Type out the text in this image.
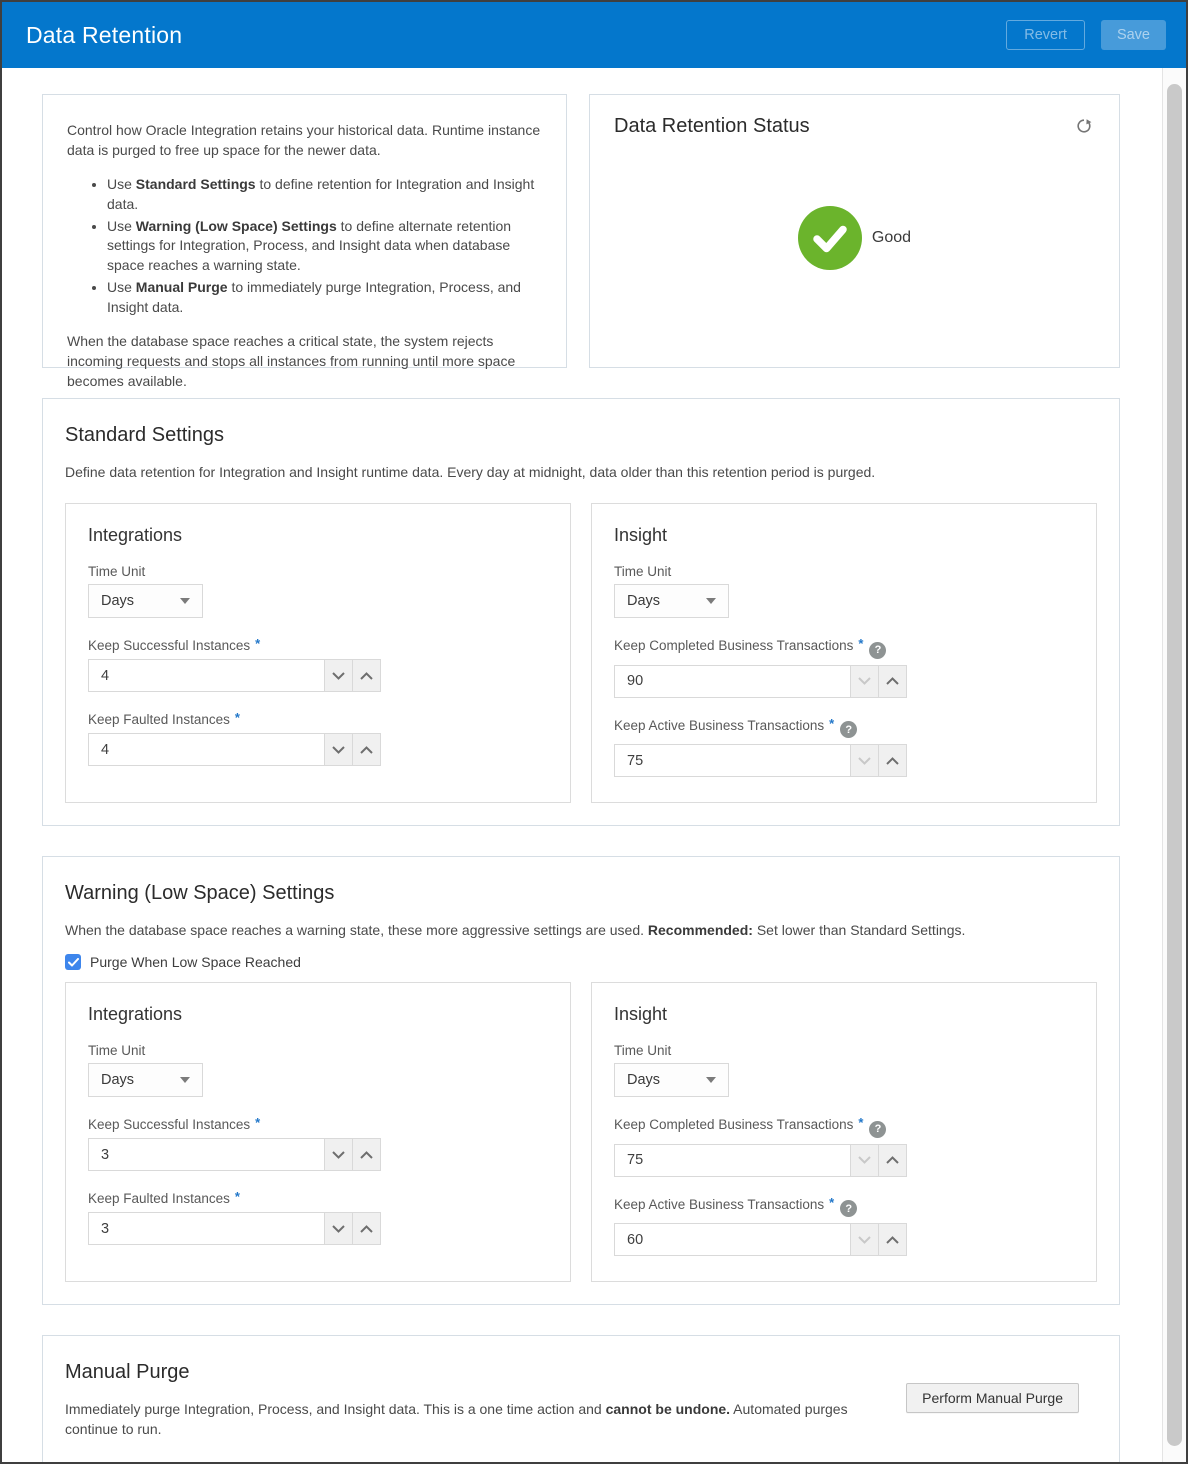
Data Retention	Revert	Save

Control how Oracle Integration retains your historical data. Runtime instance data is purged to free up space for the newer data.

• Use Standard Settings to define retention for Integration and Insight data.
• Use Warning (Low Space) Settings to define alternate retention settings for Integration, Process, and Insight data when database space reaches a warning state.
• Use Manual Purge to immediately purge Integration, Process, and Insight data.

When the database space reaches a critical state, the system rejects incoming requests and stops all instances from running until more space becomes available.

Data Retention Status
Good
Standard Settings
Define data retention for Integration and Insight runtime data. Every day at midnight, data older than this retention period is purged.
Integrations
Time Unit
Days
Keep Successful Instances *
4
Keep Faulted Instances *
4
Insight
Time Unit
Days
Keep Completed Business Transactions * ?
90
Keep Active Business Transactions * ?
75
Warning (Low Space) Settings
When the database space reaches a warning state, these more aggressive settings are used. Recommended: Set lower than Standard Settings.
Purge When Low Space Reached
Integrations
Time Unit
Days
Keep Successful Instances *
3
Keep Faulted Instances *
3
Insight
Time Unit
Days
Keep Completed Business Transactions * ?
75
Keep Active Business Transactions * ?
60
Manual Purge
Immediately purge Integration, Process, and Insight data. This is a one time action and cannot be undone. Automated purges continue to run.
Perform Manual Purge
